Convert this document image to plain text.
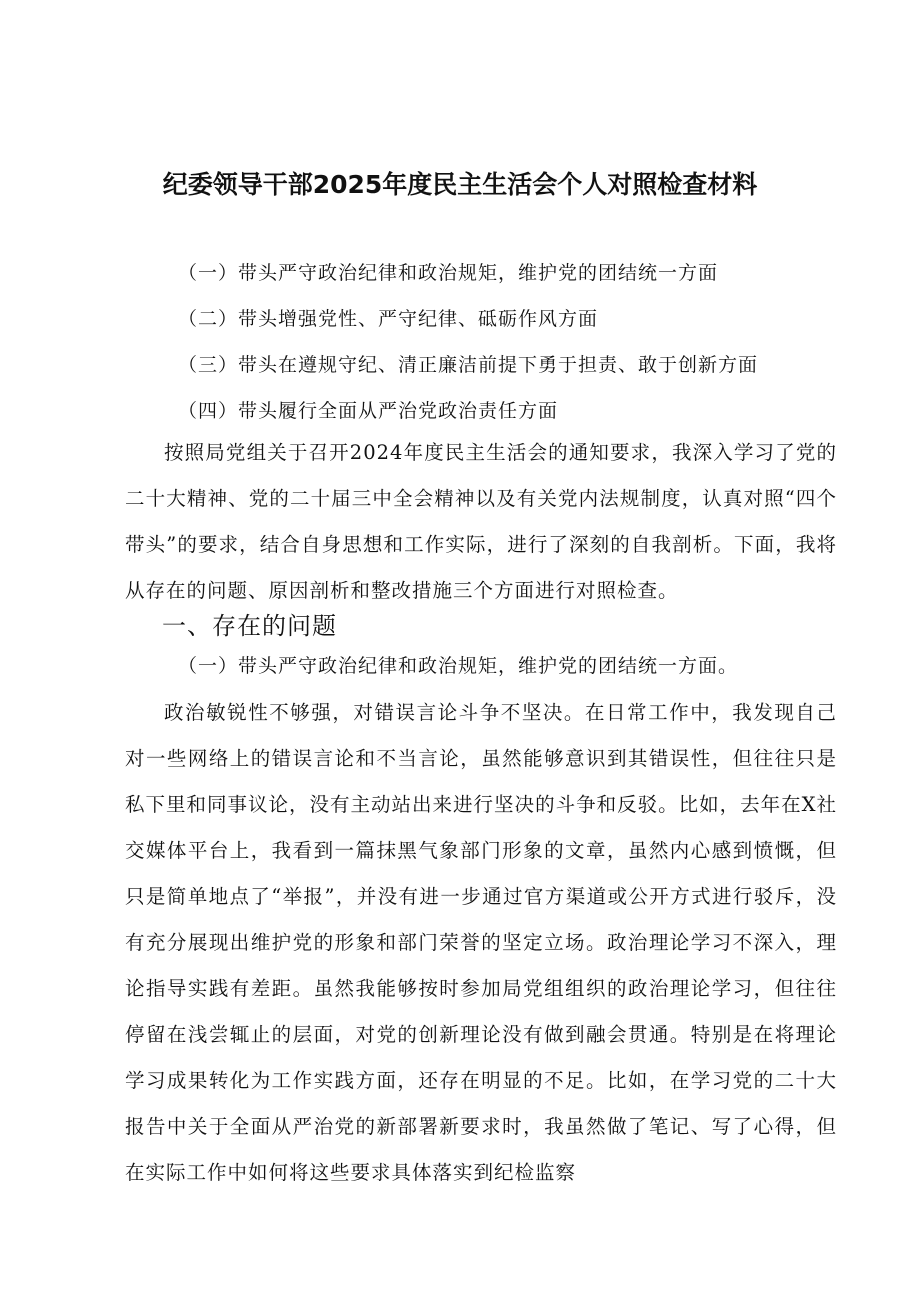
纪委领导干部2025年度民主生活会个人对照检查材料
（一）带头严守政治纪律和政治规矩，维护党的团结统一方面
（二）带头增强党性、严守纪律、砥砺作风方面
（三）带头在遵规守纪、清正廉洁前提下勇于担责、敢于创新方面
（四）带头履行全面从严治党政治责任方面

按照局党组关于召开2024年度民主生活会的通知要求，我深入学习了党的二十大精神、党的二十届三中全会精神以及有关党内法规制度，认真对照“四个带头”的要求，结合自身思想和工作实际，进行了深刻的自我剖析。下面，我将从存在的问题、原因剖析和整改措施三个方面进行对照检查。

一、存在的问题

（一）带头严守政治纪律和政治规矩，维护党的团结统一方面。

政治敏锐性不够强，对错误言论斗争不坚决。在日常工作中，我发现自己对一些网络上的错误言论和不当言论，虽然能够意识到其错误性，但往往只是私下里和同事议论，没有主动站出来进行坚决的斗争和反驳。比如，去年在X社交媒体平台上，我看到一篇抹黑气象部门形象的文章，虽然内心感到愤慨，但只是简单地点了“举报”，并没有进一步通过官方渠道或公开方式进行驳斥，没有充分展现出维护党的形象和部门荣誉的坚定立场。政治理论学习不深入，理论指导实践有差距。虽然我能够按时参加局党组组织的政治理论学习，但往往停留在浅尝辄止的层面，对党的创新理论没有做到融会贯通。特别是在将理论学习成果转化为工作实践方面，还存在明显的不足。比如，在学习党的二十大报告中关于全面从严治党的新部署新要求时，我虽然做了笔记、写了心得，但在实际工作中如何将这些要求具体落实到纪检监察
